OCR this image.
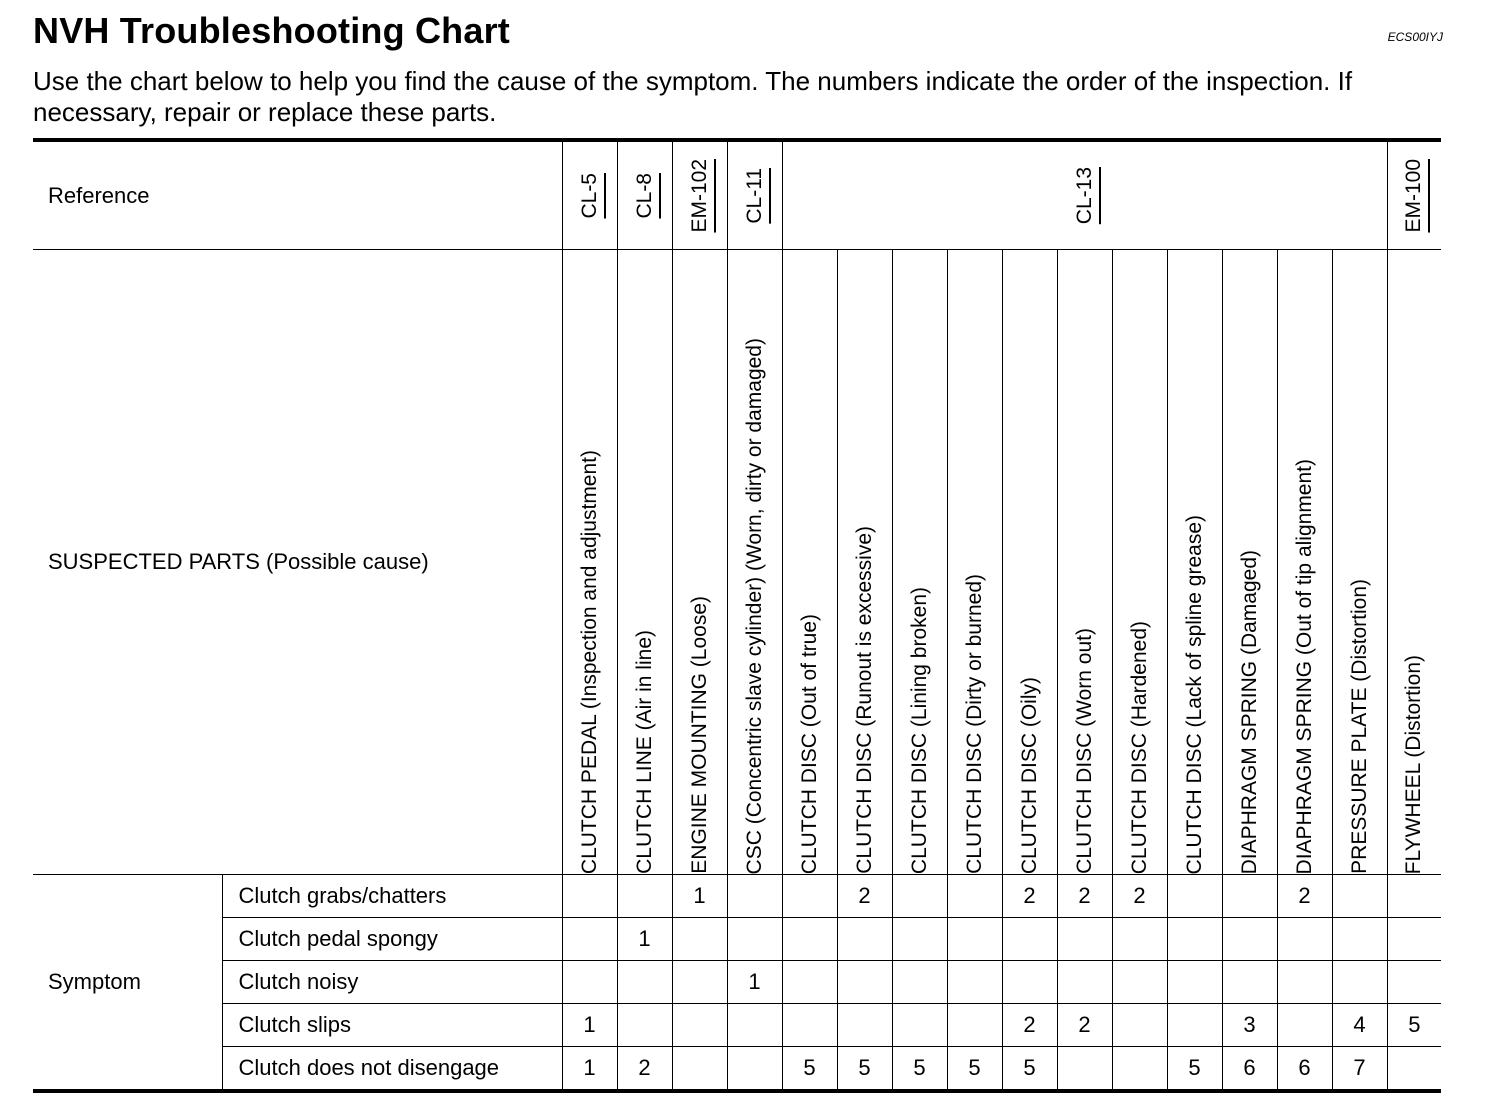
NVH Troubleshooting Chart	ECS00IYJ
Use the chart below to help you find the cause of the symptom. The numbers indicate the order of the inspection. If necessary, repair or replace these parts.
Reference		CL-5	CL-8	EM-102	CL-11	CL-13											EM-100

SUSPECTED PARTS (Possible cause)		CLUTCH PEDAL (Inspection and adjustment)	CLUTCH LINE (Air in line)	ENGINE MOUNTING (Loose)	CSC (Concentric slave cylinder) (Worn, dirty or damaged)	CLUTCH DISC (Out of true)	CLUTCH DISC (Runout is excessive)	CLUTCH DISC (Lining broken)	CLUTCH DISC (Dirty or burned)	CLUTCH DISC (Oily)	CLUTCH DISC (Worn out)	CLUTCH DISC (Hardened)	CLUTCH DISC (Lack of spline grease)	DIAPHRAGM SPRING (Damaged)	DIAPHRAGM SPRING (Out of tip alignment)	PRESSURE PLATE (Distortion)	FLYWHEEL (Distortion)

Symptom	Clutch grabs/chatters			1			2			2	2	2			2		
	Clutch pedal spongy		1														
	Clutch noisy				1												
	Clutch slips	1								2	2			3		4	5
	Clutch does not disengage	1	2			5	5	5	5	5			5	6	6	7	
